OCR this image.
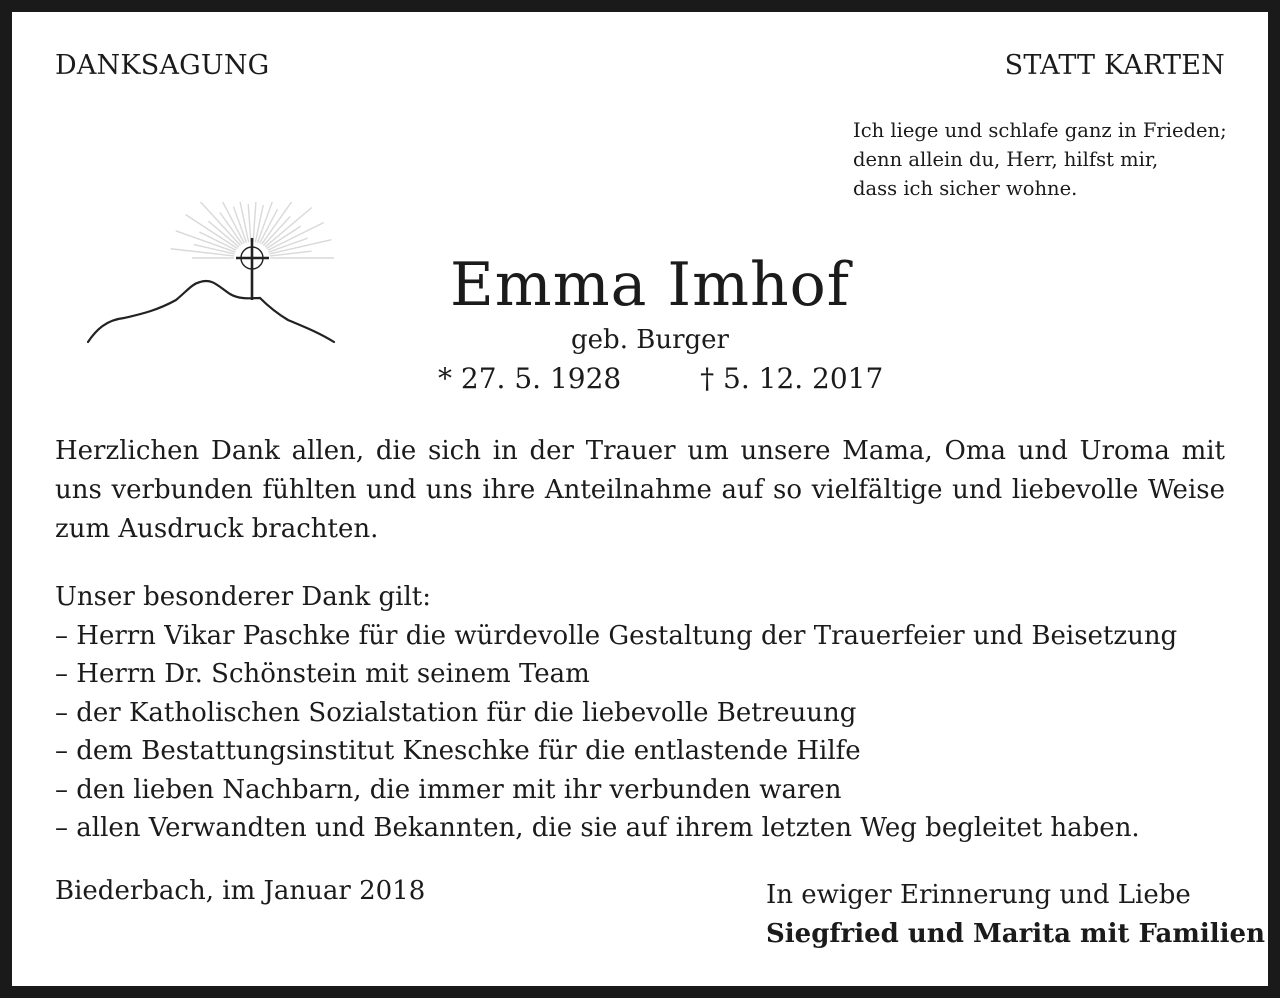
DANKSAGUNG	STATT KARTEN
Ich liege und schlafe ganz in Frieden;
denn allein du, Herr, hilfst mir,
dass ich sicher wohne.
Emma Imhof
geb. Burger
* 27. 5. 1928	† 5. 12. 2017
Herzlichen Dank allen, die sich in der Trauer um unsere Mama, Oma und Uroma mit uns verbunden fühlten und uns ihre Anteilnahme auf so vielfältige und liebevolle Weise zum Ausdruck brachten.
Unser besonderer Dank gilt:
– Herrn Vikar Paschke für die würdevolle Gestaltung der Trauerfeier und Beisetzung
– Herrn Dr. Schönstein mit seinem Team
– der Katholischen Sozialstation für die liebevolle Betreuung
– dem Bestattungsinstitut Kneschke für die entlastende Hilfe
– den lieben Nachbarn, die immer mit ihr verbunden waren
– allen Verwandten und Bekannten, die sie auf ihrem letzten Weg begleitet haben.
Biederbach, im Januar 2018	In ewiger Erinnerung und Liebe
Siegfried und Marita mit Familien
